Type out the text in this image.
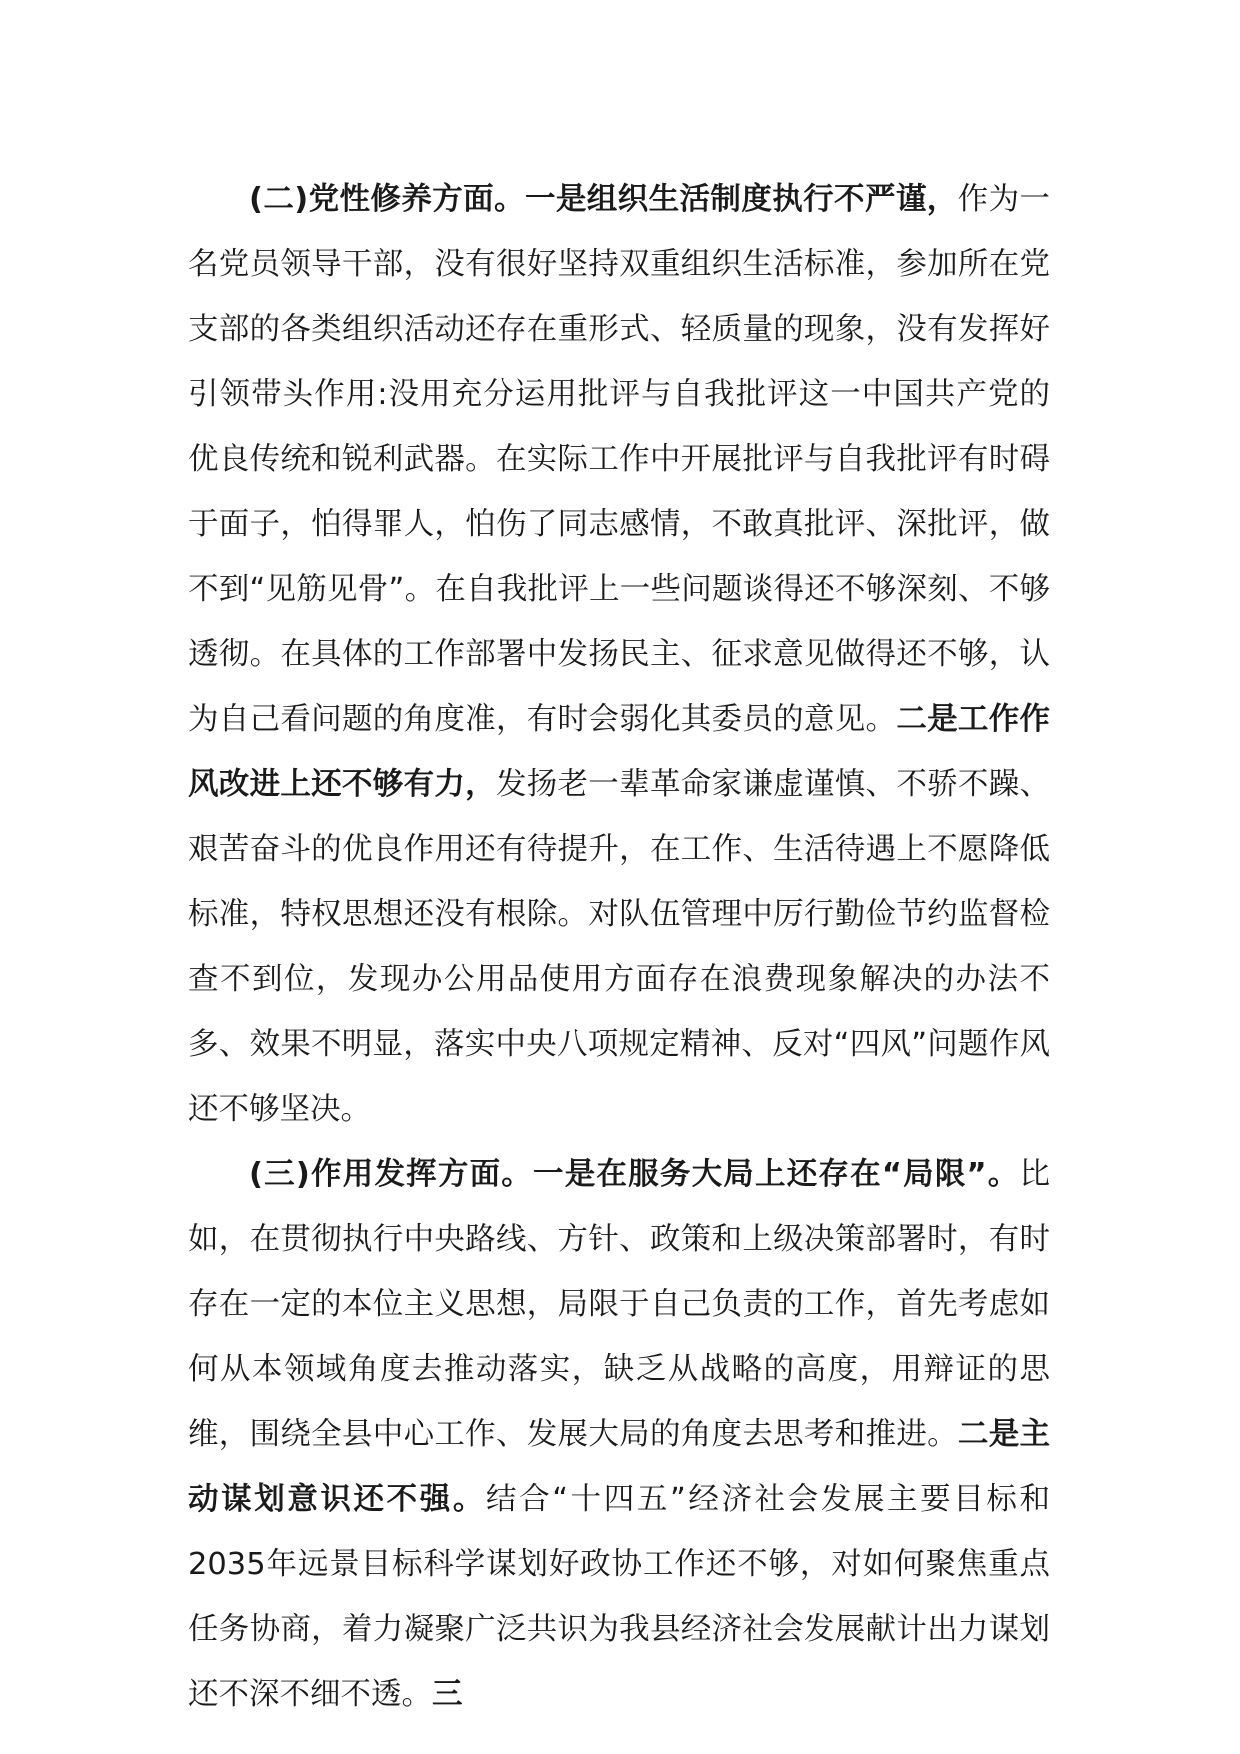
(二)党性修养方面。一是组织生活制度执行不严谨，作为一名党员领导干部，没有很好坚持双重组织生活标准，参加所在党支部的各类组织活动还存在重形式、轻质量的现象，没有发挥好引领带头作用:没用充分运用批评与自我批评这一中国共产党的优良传统和锐利武器。在实际工作中开展批评与自我批评有时碍于面子，怕得罪人，怕伤了同志感情，不敢真批评、深批评，做不到“见筋见骨”。在自我批评上一些问题谈得还不够深刻、不够透彻。在具体的工作部署中发扬民主、征求意见做得还不够，认为自己看问题的角度准，有时会弱化其委员的意见。二是工作作风改进上还不够有力，发扬老一辈革命家谦虚谨慎、不骄不躁、艰苦奋斗的优良作用还有待提升，在工作、生活待遇上不愿降低标准，特权思想还没有根除。对队伍管理中厉行勤俭节约监督检查不到位，发现办公用品使用方面存在浪费现象解决的办法不多、效果不明显，落实中央八项规定精神、反对“四风”问题作风还不够坚决。

(三)作用发挥方面。一是在服务大局上还存在“局限”。比如，在贯彻执行中央路线、方针、政策和上级决策部署时，有时存在一定的本位主义思想，局限于自己负责的工作，首先考虑如何从本领域角度去推动落实，缺乏从战略的高度，用辩证的思维，围绕全县中心工作、发展大局的角度去思考和推进。二是主动谋划意识还不强。结合“十四五”经济社会发展主要目标和2035年远景目标科学谋划好政协工作还不够，对如何聚焦重点任务协商，着力凝聚广泛共识为我县经济社会发展献计出力谋划还不深不细不透。三
